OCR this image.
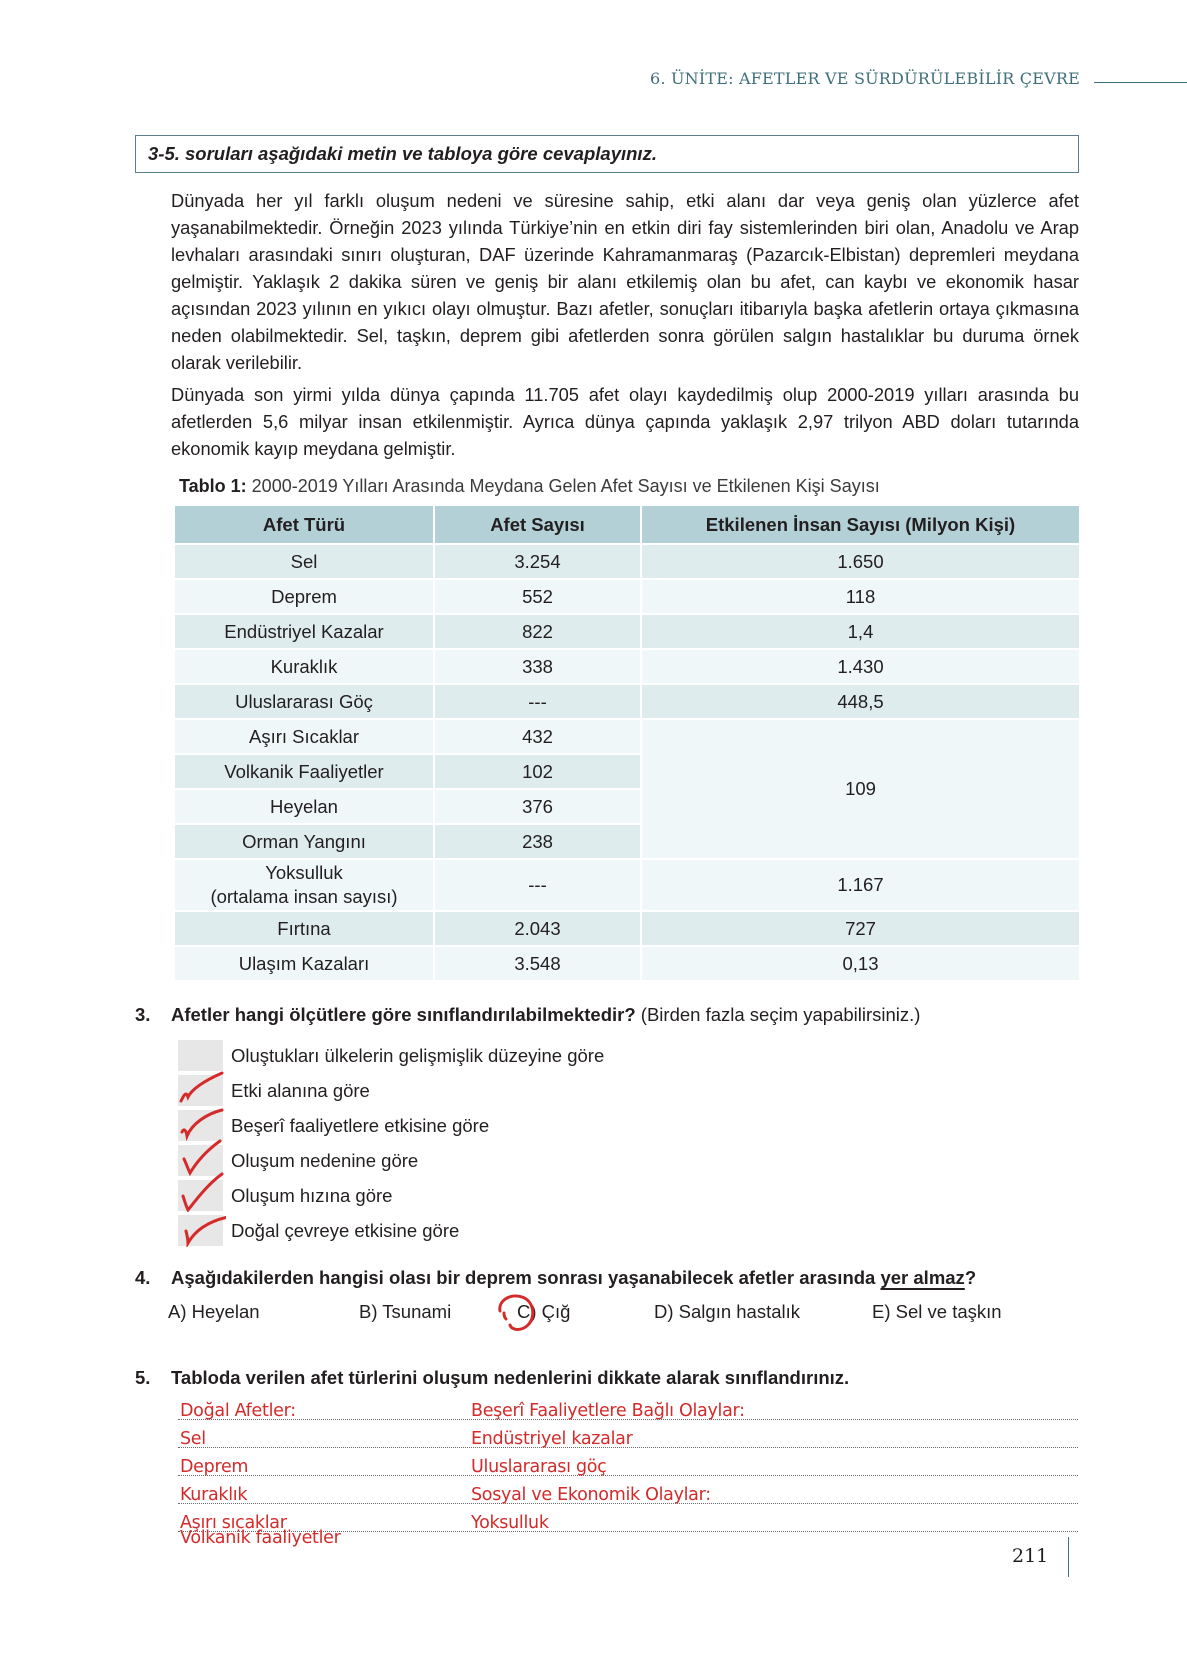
6. ÜNİTE: AFETLER VE SÜRDÜRÜLEBİLİR ÇEVRE
3-5. soruları aşağıdaki metin ve tabloya göre cevaplayınız.

Dünyada her yıl farklı oluşum nedeni ve süresine sahip, etki alanı dar veya geniş olan yüzlerce afet yaşanabilmektedir. Örneğin 2023 yılında Türkiye’nin en etkin diri fay sistemlerinden biri olan, Anadolu ve Arap levhaları arasındaki sınırı oluşturan, DAF üzerinde Kahramanmaraş (Pazarcık-Elbistan) depremleri meydana gelmiştir. Yaklaşık 2 dakika süren ve geniş bir alanı etkilemiş olan bu afet, can kaybı ve ekonomik hasar açısından 2023 yılının en yıkıcı olayı olmuştur. Bazı afetler, sonuçları itibarıyla başka afetlerin ortaya çıkmasına neden olabilmektedir. Sel, taşkın, deprem gibi afetlerden sonra görülen salgın hastalıklar bu duruma örnek olarak verilebilir.

Dünyada son yirmi yılda dünya çapında 11.705 afet olayı kaydedilmiş olup 2000-2019 yılları arasında bu afetlerden 5,6 milyar insan etkilenmiştir. Ayrıca dünya çapında yaklaşık 2,97 trilyon ABD doları tutarında ekonomik kayıp meydana gelmiştir.

Tablo 1: 2000-2019 Yılları Arasında Meydana Gelen Afet Sayısı ve Etkilenen Kişi Sayısı
Afet Türü	Afet Sayısı	Etkilenen İnsan Sayısı (Milyon Kişi)
Sel	3.254	1.650
Deprem	552	118
Endüstriyel Kazalar	822	1,4
Kuraklık	338	1.430
Uluslararası Göç	---	448,5
Aşırı Sıcaklar	432	109
Volkanik Faaliyetler	102	
Heyelan	376	
Orman Yangını	238	
Yoksulluk
(ortalama insan sayısı)	---	1.167
Fırtına	2.043	727
Ulaşım Kazaları	3.548	0,13
3. Afetler hangi ölçütlere göre sınıflandırılabilmektedir? (Birden fazla seçim yapabilirsiniz.)
Oluştukları ülkelerin gelişmişlik düzeyine göre
Etki alanına göre
Beşerî faaliyetlere etkisine göre
Oluşum nedenine göre
Oluşum hızına göre
Doğal çevreye etkisine göre
4. Aşağıdakilerden hangisi olası bir deprem sonrası yaşanabilecek afetler arasında yer almaz?
A) Heyelan	B) Tsunami	C) Çığ	D) Salgın hastalık	E) Sel ve taşkın
5. Tabloda verilen afet türlerini oluşum nedenlerini dikkate alarak sınıflandırınız.
Doğal Afetler:	Beşerî Faaliyetlere Bağlı Olaylar:
Sel	Endüstriyel kazalar
Deprem	Uluslararası göç
Kuraklık	Sosyal ve Ekonomik Olaylar:
Aşırı sıcaklar	Yoksulluk
Volkanik faaliyetler
211
